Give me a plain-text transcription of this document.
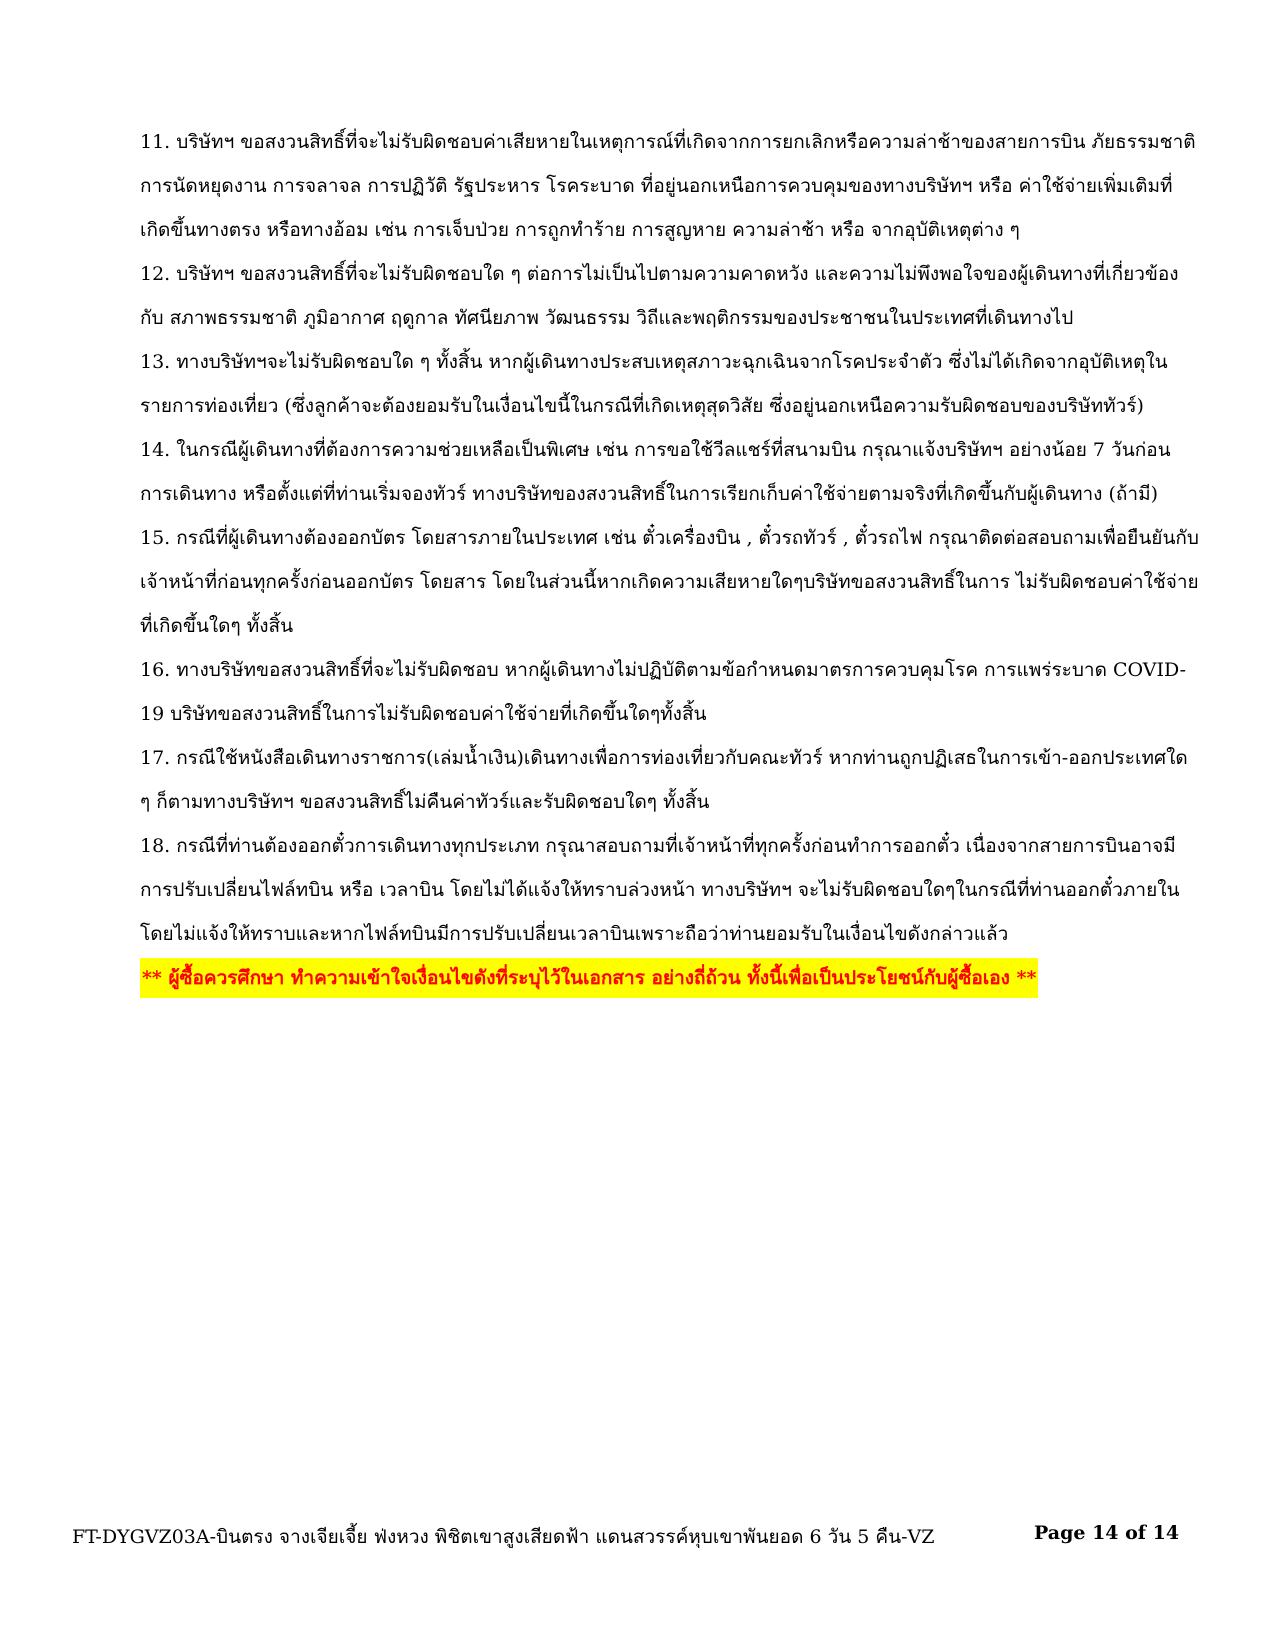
11. บริษัทฯ ขอสงวนสิทธิ์ที่จะไม่รับผิดชอบค่าเสียหายในเหตุการณ์ที่เกิดจากการยกเลิกหรือความล่าช้าของสายการบิน ภัยธรรมชาติ การนัดหยุดงาน การจลาจล การปฏิวัติ รัฐประหาร โรคระบาด ที่อยู่นอกเหนือการควบคุมของทางบริษัทฯ หรือ ค่าใช้จ่ายเพิ่มเติมที่เกิดขึ้นทางตรง หรือทางอ้อม เช่น การเจ็บป่วย การถูกทำร้าย การสูญหาย ความล่าช้า หรือ จากอุบัติเหตุต่าง ๆ

12. บริษัทฯ ขอสงวนสิทธิ์ที่จะไม่รับผิดชอบใด ๆ ต่อการไม่เป็นไปตามความคาดหวัง และความไม่พึงพอใจของผู้เดินทางที่เกี่ยวข้องกับ สภาพธรรมชาติ ภูมิอากาศ ฤดูกาล ทัศนียภาพ วัฒนธรรม วิถีและพฤติกรรมของประชาชนในประเทศที่เดินทางไป

13. ทางบริษัทฯจะไม่รับผิดชอบใด ๆ ทั้งสิ้น หากผู้เดินทางประสบเหตุสภาวะฉุกเฉินจากโรคประจำตัว ซึ่งไม่ได้เกิดจากอุบัติเหตุในรายการท่องเที่ยว (ซึ่งลูกค้าจะต้องยอมรับในเงื่อนไขนี้ในกรณีที่เกิดเหตุสุดวิสัย ซึ่งอยู่นอกเหนือความรับผิดชอบของบริษัททัวร์)

14. ในกรณีผู้เดินทางที่ต้องการความช่วยเหลือเป็นพิเศษ เช่น การขอใช้วีลแชร์ที่สนามบิน กรุณาแจ้งบริษัทฯ อย่างน้อย 7 วันก่อนการเดินทาง หรือตั้งแต่ที่ท่านเริ่มจองทัวร์ ทางบริษัทของสงวนสิทธิ์ในการเรียกเก็บค่าใช้จ่ายตามจริงที่เกิดขึ้นกับผู้เดินทาง (ถ้ามี)

15. กรณีที่ผู้เดินทางต้องออกบัตร โดยสารภายในประเทศ เช่น ตั๋วเครื่องบิน , ตั๋วรถทัวร์ , ตั๋วรถไฟ กรุณาติดต่อสอบถามเพื่อยืนยันกับเจ้าหน้าที่ก่อนทุกครั้งก่อนออกบัตร โดยสาร โดยในส่วนนี้หากเกิดความเสียหายใดๆบริษัทขอสงวนสิทธิ์ในการ ไม่รับผิดชอบค่าใช้จ่ายที่เกิดขึ้นใดๆ ทั้งสิ้น

16. ทางบริษัทขอสงวนสิทธิ์ที่จะไม่รับผิดชอบ หากผู้เดินทางไม่ปฏิบัติตามข้อกำหนดมาตรการควบคุมโรค การแพร่ระบาด COVID-19 บริษัทขอสงวนสิทธิ์ในการไม่รับผิดชอบค่าใช้จ่ายที่เกิดขึ้นใดๆทั้งสิ้น

17. กรณีใช้หนังสือเดินทางราชการ(เล่มน้ำเงิน)เดินทางเพื่อการท่องเที่ยวกับคณะทัวร์ หากท่านถูกปฏิเสธในการเข้า-ออกประเทศใด ๆ ก็ตามทางบริษัทฯ ขอสงวนสิทธิ์ไม่คืนค่าทัวร์และรับผิดชอบใดๆ ทั้งสิ้น

18. กรณีที่ท่านต้องออกตั๋วการเดินทางทุกประเภท กรุณาสอบถามที่เจ้าหน้าที่ทุกครั้งก่อนทำการออกตั๋ว เนื่องจากสายการบินอาจมีการปรับเปลี่ยนไฟล์ทบิน หรือ เวลาบิน โดยไม่ได้แจ้งให้ทราบล่วงหน้า ทางบริษัทฯ จะไม่รับผิดชอบใดๆในกรณีที่ท่านออกตั๋วภายใน โดยไม่แจ้งให้ทราบและหากไฟล์ทบินมีการปรับเปลี่ยนเวลาบินเพราะถือว่าท่านยอมรับในเงื่อนไขดังกล่าวแล้ว

** ผู้ซื้อควรศึกษา ทำความเข้าใจเงื่อนไขดังที่ระบุไว้ในเอกสาร อย่างถี่ถ้วน ทั้งนี้เพื่อเป็นประโยชน์กับผู้ซื้อเอง **
FT-DYGVZ03A-บินตรง จางเจียเจี้ย ฟ่งหวง พิชิตเขาสูงเสียดฟ้า แดนสวรรค์หุบเขาพันยอด 6 วัน 5 คืน-VZ	Page 14 of 14
